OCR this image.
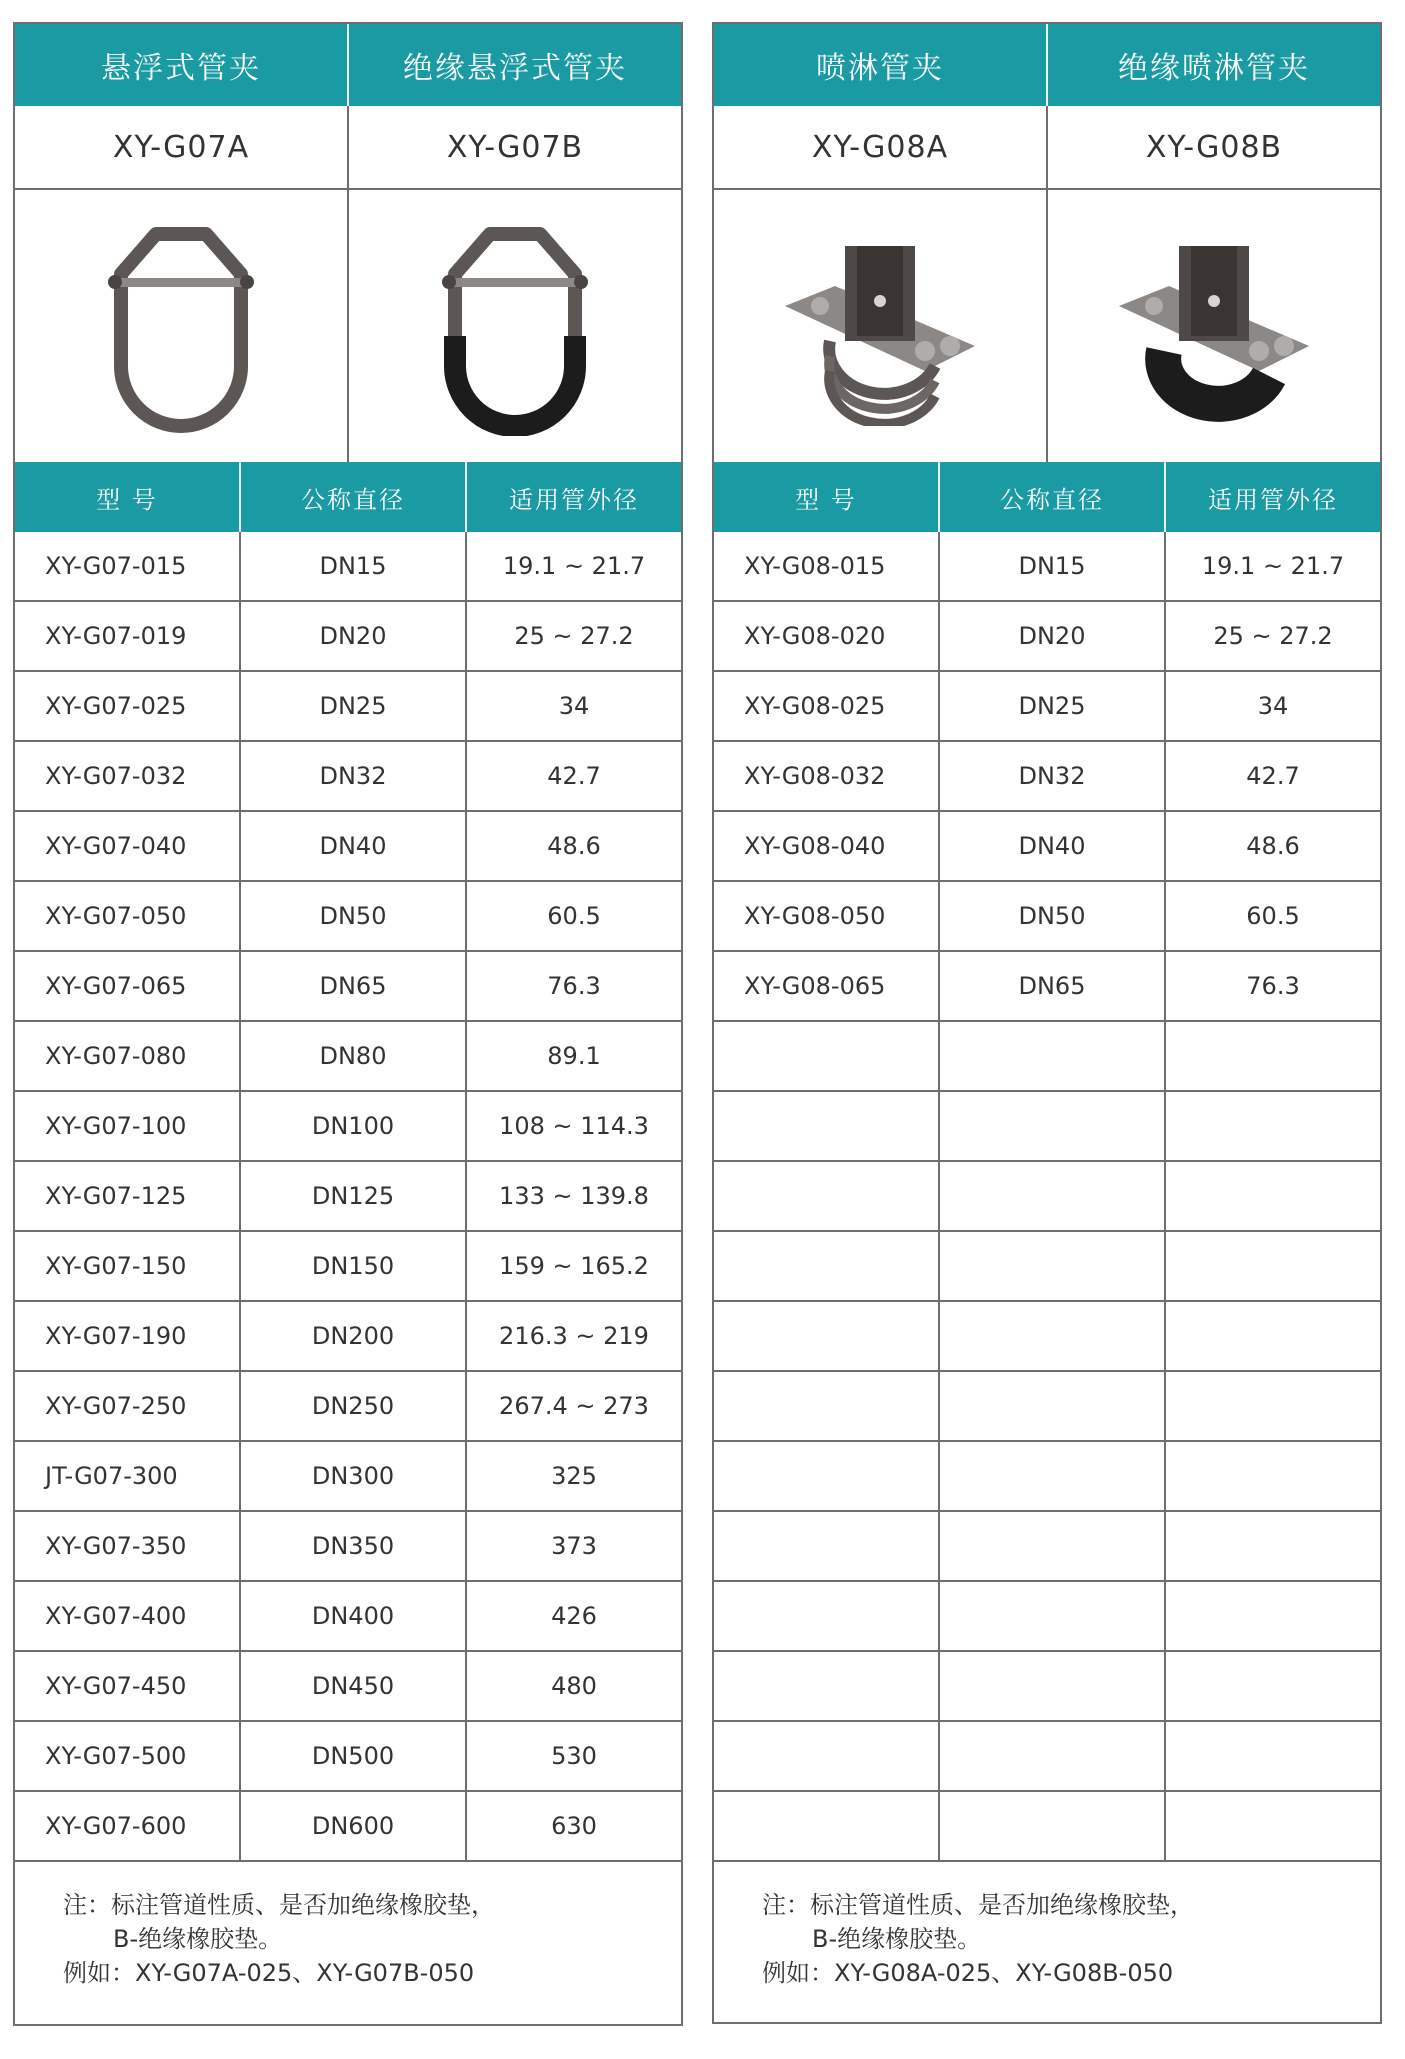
悬浮式管夹	绝缘悬浮式管夹
XY-G07A	XY-G07B
型 号	公称直径	适用管外径
XY-G07-015	DN15	19.1 ~ 21.7
XY-G07-019	DN20	25 ~ 27.2
XY-G07-025	DN25	34
XY-G07-032	DN32	42.7
XY-G07-040	DN40	48.6
XY-G07-050	DN50	60.5
XY-G07-065	DN65	76.3
XY-G07-080	DN80	89.1
XY-G07-100	DN100	108 ~ 114.3
XY-G07-125	DN125	133 ~ 139.8
XY-G07-150	DN150	159 ~ 165.2
XY-G07-190	DN200	216.3 ~ 219
XY-G07-250	DN250	267.4 ~ 273
JT-G07-300	DN300	325
XY-G07-350	DN350	373
XY-G07-400	DN400	426
XY-G07-450	DN450	480
XY-G07-500	DN500	530
XY-G07-600	DN600	630
注：标注管道性质、是否加绝缘橡胶垫，
B-绝缘橡胶垫。
例如：XY-G07A-025、XY-G07B-050
喷淋管夹	绝缘喷淋管夹
XY-G08A	XY-G08B
型 号	公称直径	适用管外径
XY-G08-015	DN15	19.1 ~ 21.7
XY-G08-020	DN20	25 ~ 27.2
XY-G08-025	DN25	34
XY-G08-032	DN32	42.7
XY-G08-040	DN40	48.6
XY-G08-050	DN50	60.5
XY-G08-065	DN65	76.3
注：标注管道性质、是否加绝缘橡胶垫，
B-绝缘橡胶垫。
例如：XY-G08A-025、XY-G08B-050
